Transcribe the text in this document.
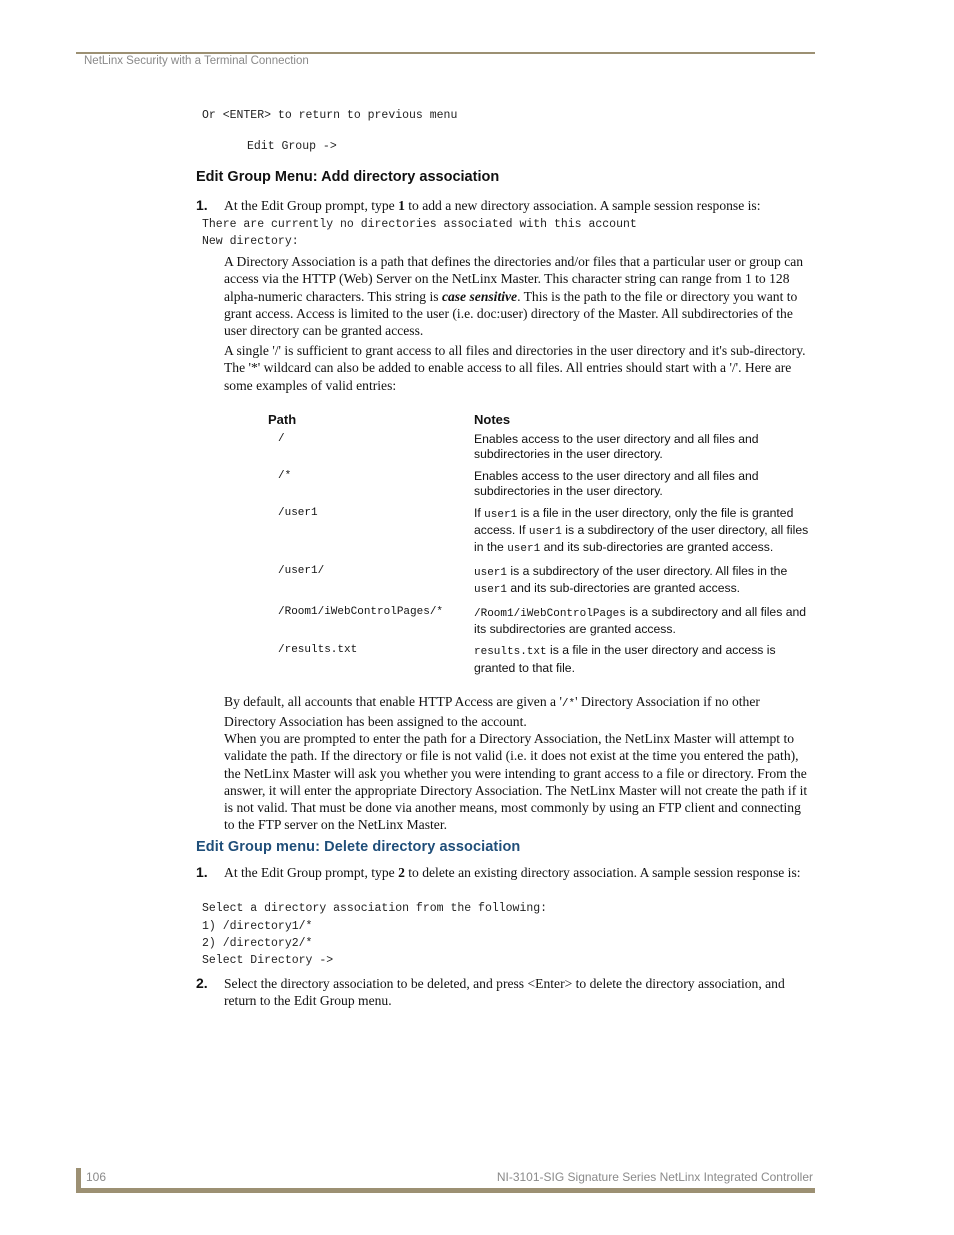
NetLinx Security with a Terminal Connection
Or <ENTER> to return to previous menu
Edit Group ->
Edit Group Menu: Add directory association
1. At the Edit Group prompt, type 1 to add a new directory association. A sample session response is:
There are currently no directories associated with this account
New directory:
A Directory Association is a path that defines the directories and/or files that a particular user or group can access via the HTTP (Web) Server on the NetLinx Master. This character string can range from 1 to 128 alpha-numeric characters. This string is case sensitive. This is the path to the file or directory you want to grant access. Access is limited to the user (i.e. doc:user) directory of the Master. All subdirectories of the user directory can be granted access.
A single '/' is sufficient to grant access to all files and directories in the user directory and it's sub-directory. The '*' wildcard can also be added to enable access to all files. All entries should start with a '/'. Here are some examples of valid entries:
Path	Notes
/	Enables access to the user directory and all files and subdirectories in the user directory.
/*	Enables access to the user directory and all files and subdirectories in the user directory.
/user1	If user1 is a file in the user directory, only the file is granted access. If user1 is a subdirectory of the user directory, all files in the user1 and its sub-directories are granted access.
/user1/	user1 is a subdirectory of the user directory. All files in the user1 and its sub-directories are granted access.
/Room1/iWebControlPages/*	/Room1/iWebControlPages is a subdirectory and all files and its subdirectories are granted access.
/results.txt	results.txt is a file in the user directory and access is granted to that file.
By default, all accounts that enable HTTP Access are given a '/*' Directory Association if no other Directory Association has been assigned to the account.
When you are prompted to enter the path for a Directory Association, the NetLinx Master will attempt to validate the path. If the directory or file is not valid (i.e. it does not exist at the time you entered the path), the NetLinx Master will ask you whether you were intending to grant access to a file or directory. From the answer, it will enter the appropriate Directory Association. The NetLinx Master will not create the path if it is not valid. That must be done via another means, most commonly by using an FTP client and connecting to the FTP server on the NetLinx Master.
Edit Group menu: Delete directory association
1. At the Edit Group prompt, type 2 to delete an existing directory association. A sample session response is:
Select a directory association from the following:
1) /directory1/*
2) /directory2/*
Select Directory ->
2. Select the directory association to be deleted, and press <Enter> to delete the directory association, and return to the Edit Group menu.
106	NI-3101-SIG Signature Series NetLinx Integrated Controller
